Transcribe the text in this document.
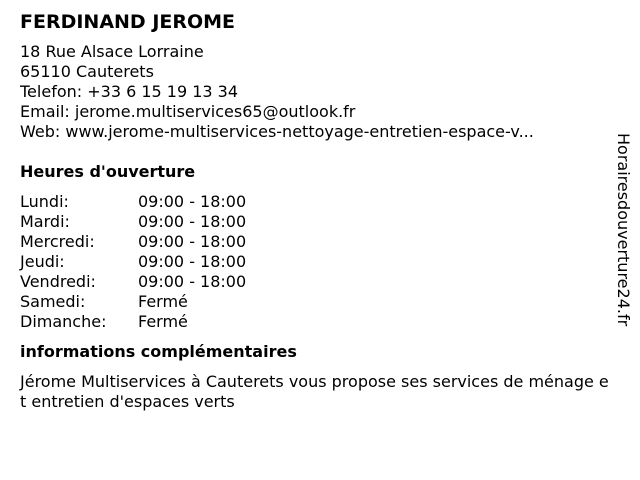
FERDINAND JEROME
18 Rue Alsace Lorraine
65110 Cauterets
Telefon: +33 6 15 19 13 34
Email: jerome.multiservices65@outlook.fr
Web: www.jerome-multiservices-nettoyage-entretien-espace-v...
Heures d'ouverture
Lundi:	09:00 - 18:00
Mardi:	09:00 - 18:00
Mercredi:	09:00 - 18:00
Jeudi:	09:00 - 18:00
Vendredi:	09:00 - 18:00
Samedi:	Fermé
Dimanche:	Fermé
informations complémentaires
Jérome Multiservices à Cauterets vous propose ses services de ménage et entretien d'espaces verts
Horairesdouverture24.fr
